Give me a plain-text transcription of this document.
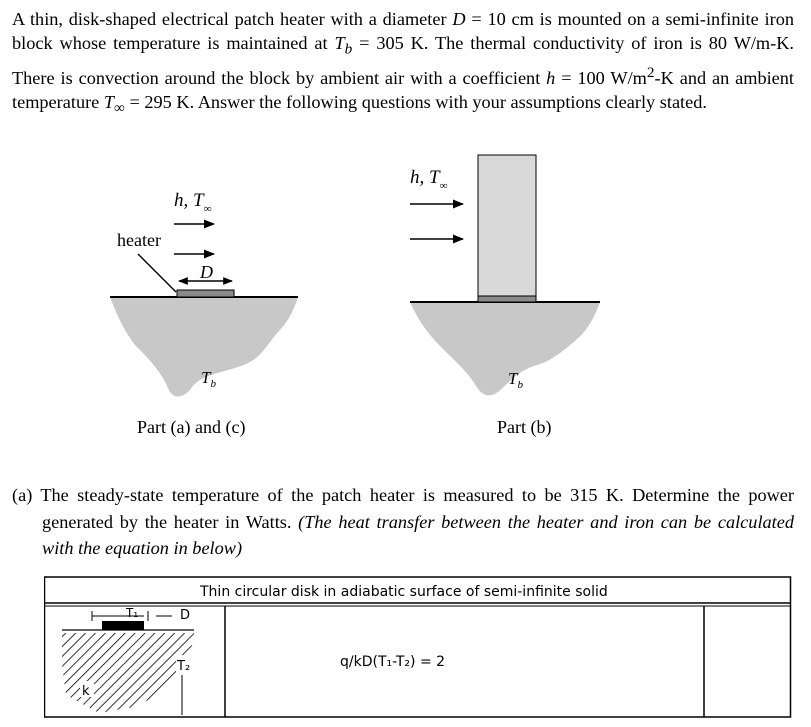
A thin, disk-shaped electrical patch heater with a diameter D = 10 cm is mounted on a semi-infinite iron block whose temperature is maintained at $T_b = 305$ K. The thermal conductivity of iron is 80 W/m-K. There is convection around the block by ambient air with a coefficient h = 100 $W/m^2-K$ and an ambient temperature $T_\infty = 295$ K. Answer the following questions with your assumptions clearly stated.
h, $T_\infty$
heater
D
$T_b$
Part (a) and (c)
h, $T_\infty$
$T_b$
Part (b)
(a) The steady-state temperature of the patch heater is measured to be 315 K. Determine the power generated by the heater in Watts. (The heat transfer between the heater and iron can be calculated with the equation in below)
Thin circular disk in adiabatic surface of semi-infinite solid
T₁	D
T₂
k
q/kD(T₁-T₂) = 2
